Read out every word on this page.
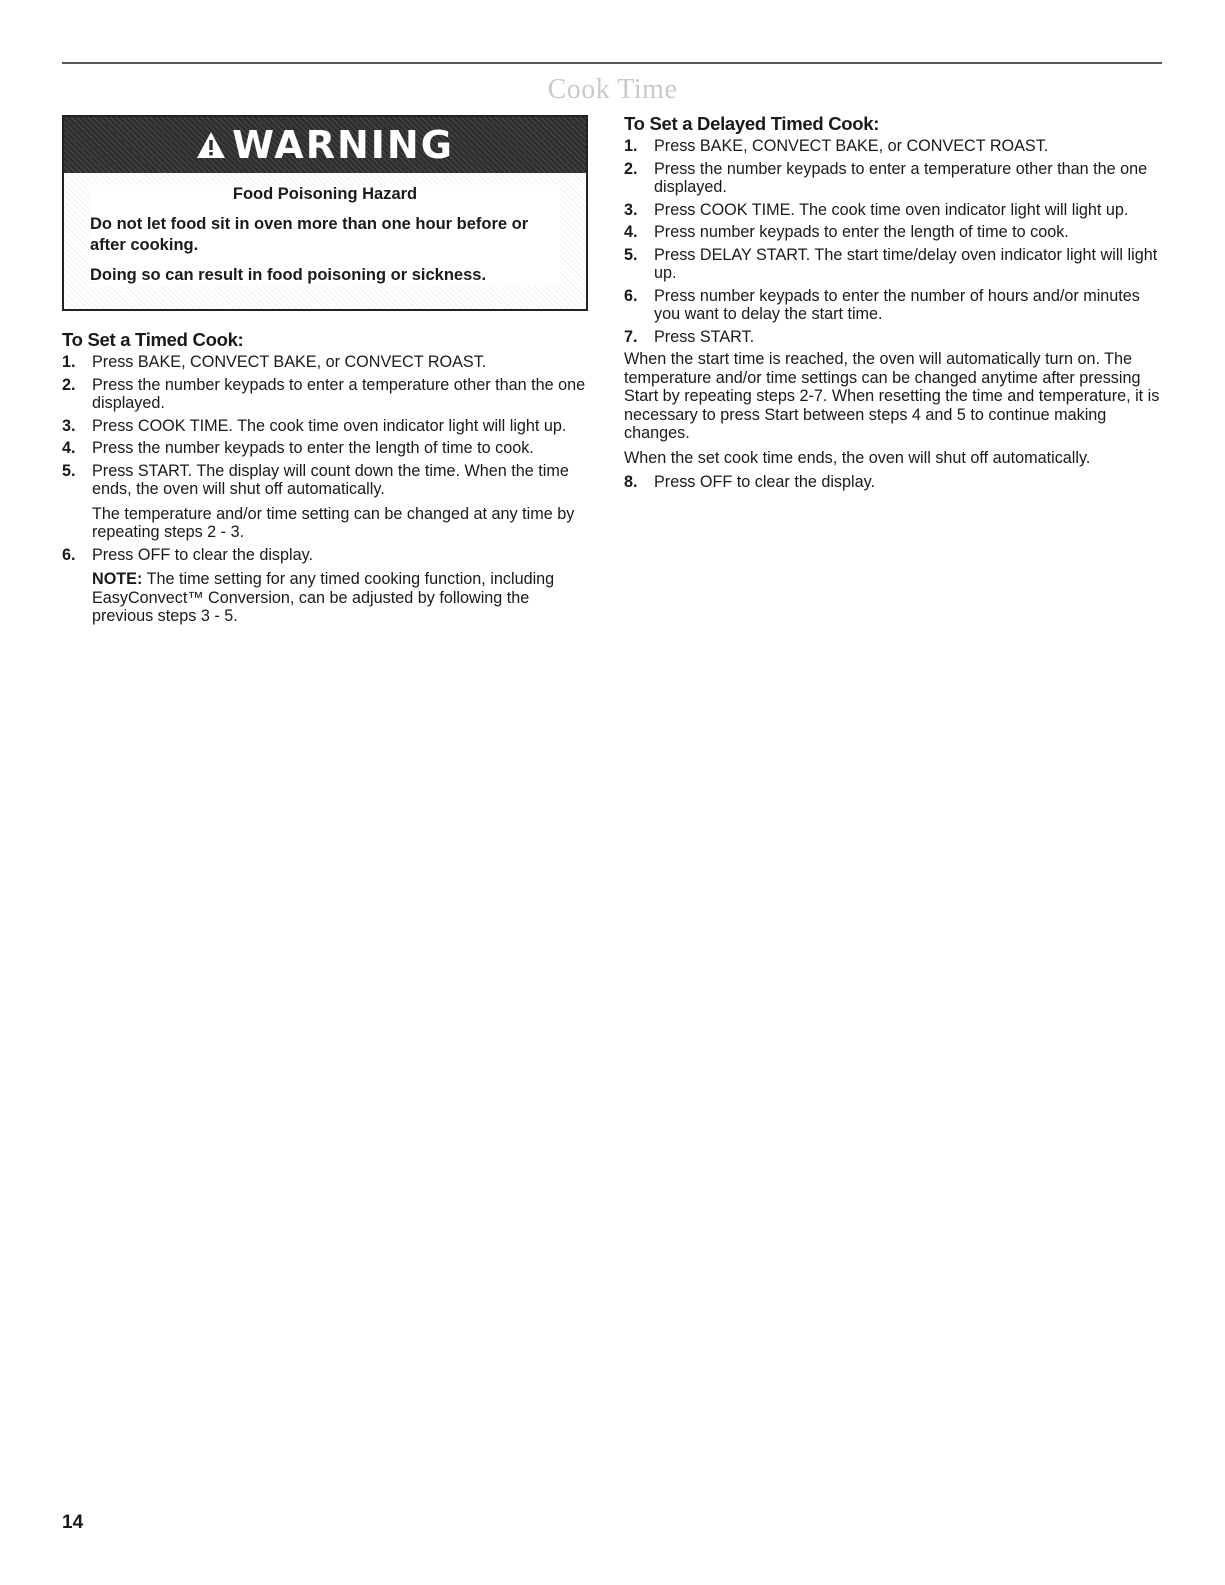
Cook Time
WARNING
Food Poisoning Hazard

Do not let food sit in oven more than one hour before or after cooking.

Doing so can result in food poisoning or sickness.

To Set a Timed Cook:
1. Press BAKE, CONVECT BAKE, or CONVECT ROAST.
2. Press the number keypads to enter a temperature other than the one displayed.
3. Press COOK TIME. The cook time oven indicator light will light up.
4. Press the number keypads to enter the length of time to cook.
5. Press START. The display will count down the time. When the time ends, the oven will shut off automatically.
The temperature and/or time setting can be changed at any time by repeating steps 2 - 3.
6. Press OFF to clear the display.
NOTE: The time setting for any timed cooking function, including EasyConvect™ Conversion, can be adjusted by following the previous steps 3 - 5.
To Set a Delayed Timed Cook:
1. Press BAKE, CONVECT BAKE, or CONVECT ROAST.
2. Press the number keypads to enter a temperature other than the one displayed.
3. Press COOK TIME. The cook time oven indicator light will light up.
4. Press number keypads to enter the length of time to cook.
5. Press DELAY START. The start time/delay oven indicator light will light up.
6. Press number keypads to enter the number of hours and/or minutes you want to delay the start time.
7. Press START.

When the start time is reached, the oven will automatically turn on. The temperature and/or time settings can be changed anytime after pressing Start by repeating steps 2-7. When resetting the time and temperature, it is necessary to press Start between steps 4 and 5 to continue making changes.

When the set cook time ends, the oven will shut off automatically.

8. Press OFF to clear the display.
14
